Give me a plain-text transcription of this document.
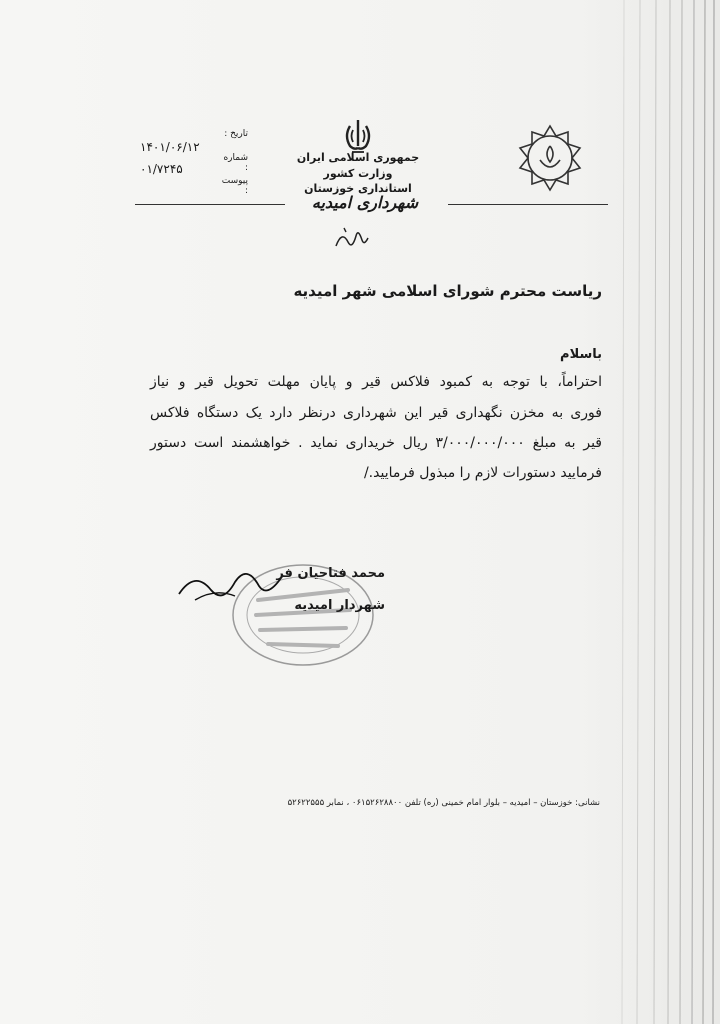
جمهوری اسلامی ایران
وزارت کشور
استانداری خوزستان
شهرداری امیدیه
تاریخ :
۱۴۰۱/۰۶/۱۲
شماره :
۰۱/۷۲۴۵
پیوست :
ریاست محترم شورای اسلامی شهر امیدیه
باسلام
احتراماً، با توجه به کمبود فلاکس قیر و پایان مهلت تحویل قیر و نیاز
فوری به مخزن نگهداری قیر این شهرداری درنظر دارد یک دستگاه فلاکس
قیر به مبلغ ۳/۰۰۰/۰۰۰/۰۰۰ ریال خریداری نماید . خواهشمند است دستور
فرمایید دستورات لازم را مبذول فرمایید./
محمد فتاحیان فر
شهردار امیدیه
نشانی: خوزستان – امیدیه – بلوار امام خمینی (ره) تلفن ۰۶۱۵۲۶۲۸۸۰۰ ، نمابر ۵۲۶۲۲۵۵۵
